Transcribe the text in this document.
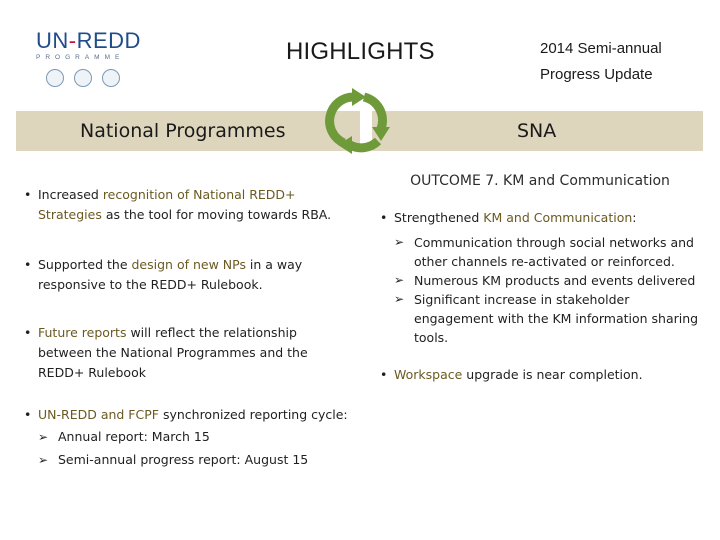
UN-REDD
PROGRAMME	HIGHLIGHTS	2014 Semi-annual
Progress Update
National Programmes	SNA
• Increased recognition of National REDD+ Strategies as the tool for moving towards RBA.
• Supported the design of new NPs in a way responsive to the REDD+ Rulebook.
• Future reports will reflect the relationship between the National Programmes and the REDD+ Rulebook
• UN-REDD and FCPF synchronized reporting cycle:
➢ Annual report: March 15
➢ Semi-annual progress report: August 15
OUTCOME 7. KM and Communication
• Strengthened KM and Communication:
➢ Communication through social networks and other channels re-activated or reinforced.
➢ Numerous KM products and events delivered
➢ Significant increase in stakeholder engagement with the KM information sharing tools.
• Workspace upgrade is near completion.
